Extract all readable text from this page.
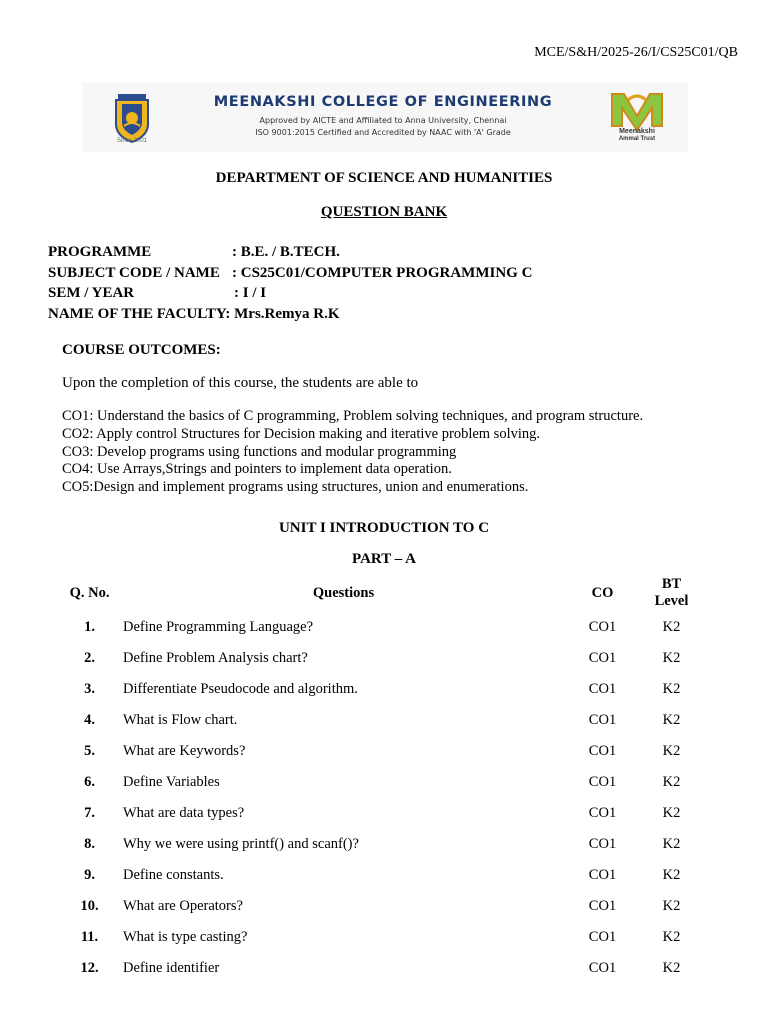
MCE/S&H/2025-26/I/CS25C01/QB
Since 2001
MEENAKSHI COLLEGE OF ENGINEERING
Approved by AICTE and Affiliated to Anna University, Chennai
ISO 9001:2015 Certified and Accredited by NAAC with 'A' Grade	Meenakshi
Ammal Trust
DEPARTMENT OF SCIENCE AND HUMANITIES
QUESTION BANK
PROGRAMME	: B.E. / B.TECH.
SUBJECT CODE / NAME : CS25C01/COMPUTER PROGRAMMING C
SEM / YEAR	: I / I
NAME OF THE FACULTY: Mrs.Remya R.K
COURSE OUTCOMES:
Upon the completion of this course, the students are able to
CO1: Understand the basics of C programming, Problem solving techniques, and program structure.
CO2: Apply control Structures for Decision making and iterative problem solving.
CO3: Develop programs using functions and modular programming
CO4: Use Arrays,Strings and pointers to implement data operation.
CO5:Design and implement programs using structures, union and enumerations.
UNIT I INTRODUCTION TO C
PART – A
Q. No.	Questions	CO	BT
Level

1.	Define Programming Language?	CO1	K2
2.	Define Problem Analysis chart?	CO1	K2
3.	Differentiate Pseudocode and algorithm.	CO1	K2
4.	What is Flow chart.	CO1	K2
5.	What are Keywords?	CO1	K2
6.	Define Variables	CO1	K2
7.	What are data types?	CO1	K2
8.	Why we were using printf() and scanf()?	CO1	K2
9.	Define constants.	CO1	K2
10.	What are Operators?	CO1	K2
11.	What is type casting?	CO1	K2
12.	Define identifier	CO1	K2
